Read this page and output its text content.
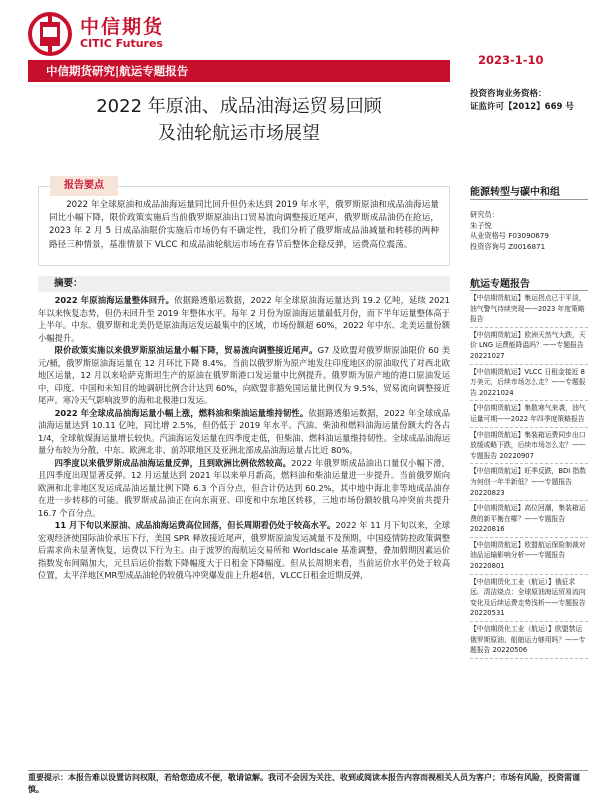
中信期货
CITIC Futures
中信期货研究|航运专题报告
2023-1-10
投资咨询业务资格：
证监许可【2012】669 号
2022 年原油、成品油海运贸易回顾
及油轮航运市场展望
2022 年全球原油和成品油海运量同比回升但仍未达到 2019 年水平，俄罗斯原油和成品油海运量同比小幅下降，限价政策实施后当前俄罗斯原油出口贸易流向调整接近尾声，俄罗斯成品油仍在抢运，2023 年 2 月 5 日成品油限价实施后市场仍有不确定性，我们分析了俄罗斯成品油减量和转移的两种路径三种情景，基准情景下 VLCC 和成品油轮航运市场在春节后整体企稳反弹，运费高位震荡。
报告要点
摘要：

2022 年原油海运量整体回升。依据路透船运数据，2022 年全球原油海运量达到 19.2 亿吨，延续 2021 年以来恢复态势，但仍未回升至 2019 年整体水平。每年 2 月份为原油海运量最低月份，而下半年运量整体高于上半年。中东、俄罗斯和北美仍是原油海运发运最集中的区域，市场份额超 60%，2022 年中东、北美运量份额小幅提升。

限价政策实施以来俄罗斯原油运量小幅下降，贸易流向调整接近尾声。G7 及欧盟对俄罗斯原油限价 60 美元/桶，俄罗斯原油海运量在 12 月环比下降 8.4%。当前以俄罗斯为原产地发往印度地区的原油取代了对西北欧地区运量，12 月以来哈萨克斯坦生产的原油在俄罗斯港口发运量中比例提升。俄罗斯为原产地的港口原油发运中，印度、中国和未知目的地调研比例合计达到 60%，向欧盟非豁免国运量比例仅为 9.5%，贸易流向调整接近尾声。寒冷天气影响波罗的海和北极港口发运。

2022 年全球成品油海运量小幅上涨，燃料油和柴油运量维持韧性。依据路透船运数据，2022 年全球成品油海运量达到 10.11 亿吨，同比增 2.5%，但仍低于 2019 年水平。汽油、柴油和燃料油海运量份额大约各占 1/4，全球航煤海运量增长较快。汽油海运发运量在四季度走低，但柴油、燃料油运量维持韧性。全球成品油海运量分布较为分散，中东、欧洲北非、前苏联地区及亚洲北部成品油海运量占比近 80%。

四季度以来俄罗斯成品油海运量反弹，且到欧洲比例依然较高。2022 年俄罗斯成品油出口量仅小幅下滑，且四季度出现显著反弹。12 月运量达到 2021 年以来单月新高，燃料油和柴油运量进一步提升。当前俄罗斯向欧洲和北非地区发运成品油运量比例下降 6.3 个百分点，但合计仍达到 60.2%，其中地中海北非等地成品油存在进一步转移的可能。俄罗斯成品油正在向东南亚、印度和中东地区转移，三地市场份额较俄乌冲突前共提升 16.7 个百分点。

11 月下旬以来原油、成品油海运费高位回落，但长周期看仍处于较高水平。2022 年 11 月下旬以来，全球宏观经济使国际油价承压下行，美国 SPR 释放接近尾声，俄罗斯原油发运减量不及预期，中国疫情防控政策调整后需求尚未显著恢复，运费以下行为主。由于波罗的海航运交易所和 Worldscale 基准调整，叠加假期因素运价指数发布间隔加大，元旦后运价指数下降幅度大于日租金下降幅度。但从长周期来看，当前运价水平仍处于较高位置，太平洋地区MR型成品油轮仍较俄乌冲突爆发前上升超4倍，VLCC日租金近期反弹，

能源转型与碳中和组
研究员：
朱子悦
从业资格号 F03090679
投资咨询号 Z0016871
航运专题报告
【中信期货航运】集运拐点已于平淡，油气警气待续突现——2023 年度策略报告
【中信期货航运】欧洲天然气大跌，天价 LNG 运费能降温吗？——专题报告 20221027
【中信期货航运】VLCC 日租金接近 8 万美元，后续市场怎么走？——专题报告 20221024
【中信期货航运】集散寒气来袭，油气运量可期——2022 年四季度策略报告
【中信期货航运】集装箱运费同步出口放缓或略下跌，后续市场怎么走？——专题报告 20220907
【中信期货航运】旺季反跌，BDI 指数为何创一年半新低？——专题报告 20220823
【中信期货航运】高位回潮，集装箱运费的新平衡在哪？——专题报告 20220816
【中信期货航运】欧盟航运保险制裁对油品运输影响分析——专题报告 20220801
【中信期货化工业（航运）】俄征求远、清洁烧点：全球原油海运贸易流向变化及后续运费走势浅析——专题报告 20220531
【中信期货化工业（航运）】欧盟禁运俄罗斯原油，船舶运力够用吗？——专题报告 20220506
重要提示：本报告难以设置访问权限，若给您造成不便，敬请谅解。我司不会因为关注、收到或阅读本报告内容而视相关人员为客户；市场有风险，投资需谨慎。
